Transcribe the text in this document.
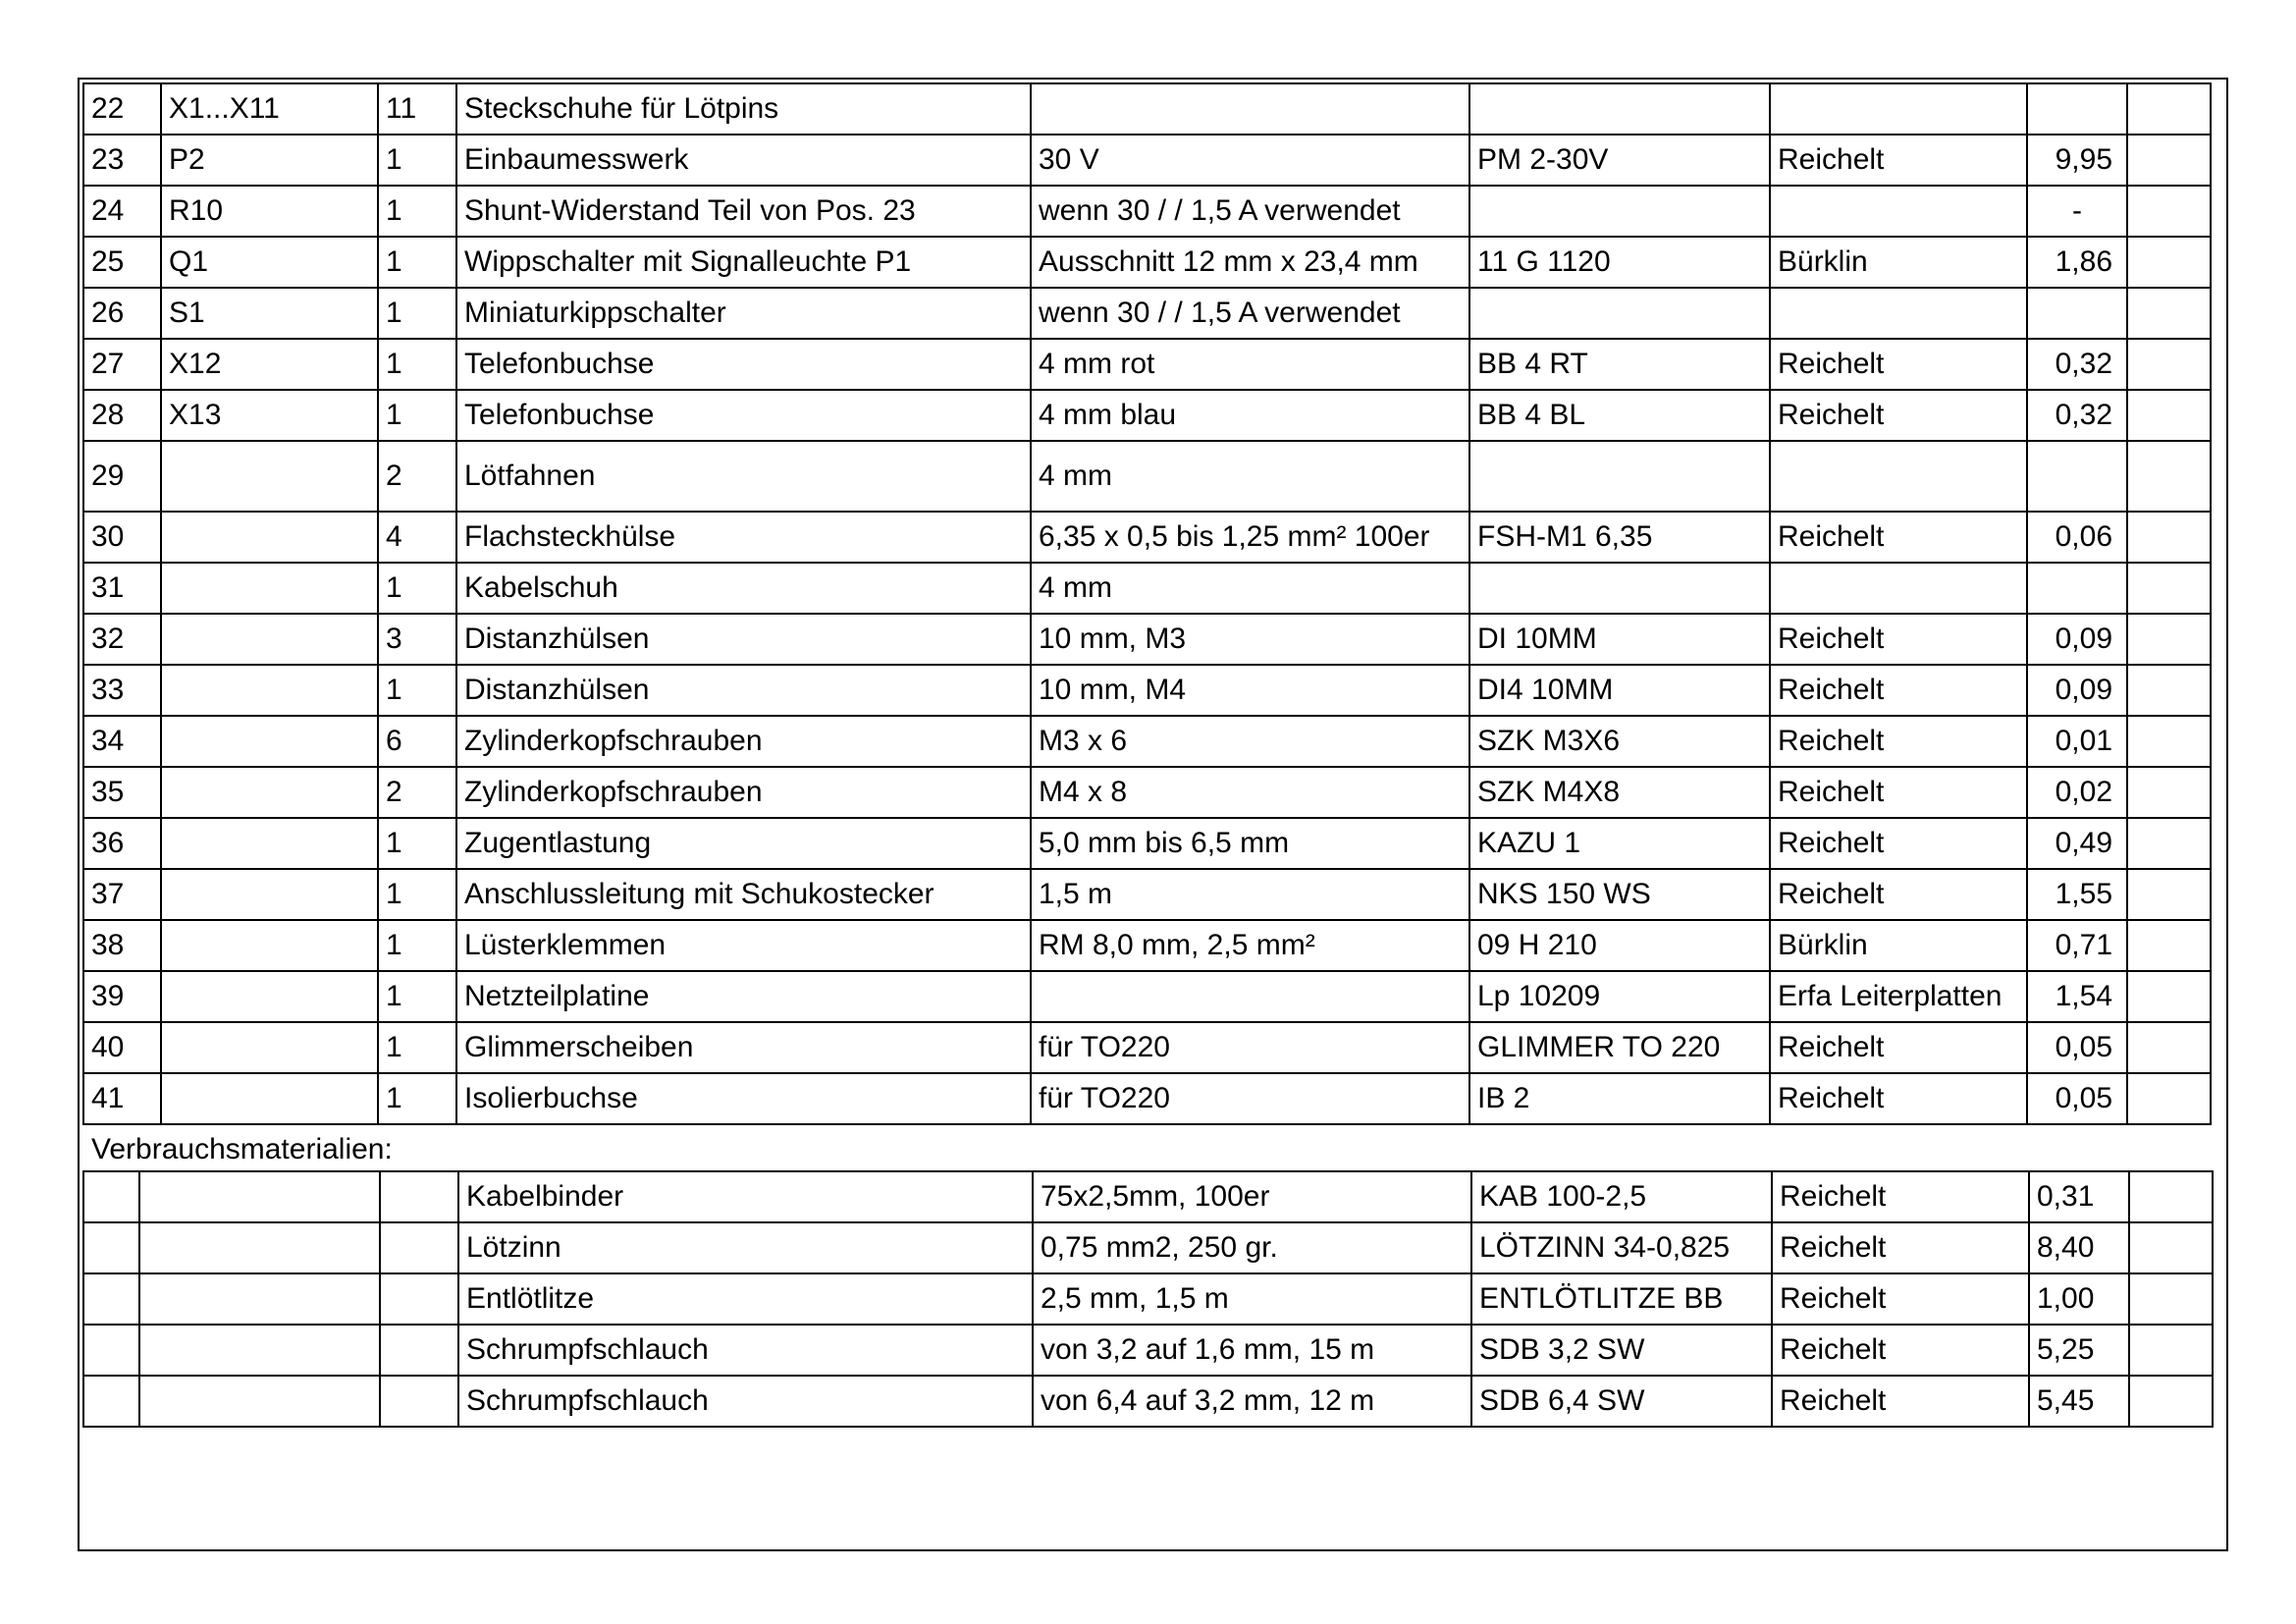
22	X1...X11	11	Steckschuhe für Lötpins					
23	P2	1	Einbaumesswerk	30 V	PM 2-30V	Reichelt	9,95	
24	R10	1	Shunt-Widerstand Teil von Pos. 23	wenn 30 / / 1,5 A verwendet			-	
25	Q1	1	Wippschalter mit Signalleuchte P1	Ausschnitt 12 mm x 23,4 mm	11 G 1120	Bürklin	1,86	
26	S1	1	Miniaturkippschalter	wenn 30 / / 1,5 A verwendet				
27	X12	1	Telefonbuchse	4 mm rot	BB 4 RT	Reichelt	0,32	
28	X13	1	Telefonbuchse	4 mm blau	BB 4 BL	Reichelt	0,32	
29		2	Lötfahnen	4 mm				
30		4	Flachsteckhülse	6,35 x 0,5 bis 1,25 mm² 100er	FSH-M1 6,35	Reichelt	0,06	
31		1	Kabelschuh	4 mm				
32		3	Distanzhülsen	10 mm, M3	DI 10MM	Reichelt	0,09	
33		1	Distanzhülsen	10 mm, M4	DI4 10MM	Reichelt	0,09	
34		6	Zylinderkopfschrauben	M3 x 6	SZK M3X6	Reichelt	0,01	
35		2	Zylinderkopfschrauben	M4 x 8	SZK M4X8	Reichelt	0,02	
36		1	Zugentlastung	5,0 mm bis 6,5 mm	KAZU 1	Reichelt	0,49	
37		1	Anschlussleitung mit Schukostecker	1,5 m	NKS 150 WS	Reichelt	1,55	
38		1	Lüsterklemmen	RM 8,0 mm, 2,5 mm²	09 H 210	Bürklin	0,71	
39		1	Netzteilplatine		Lp 10209	Erfa Leiterplatten	1,54	
40		1	Glimmerscheiben	für TO220	GLIMMER TO 220	Reichelt	0,05	
41		1	Isolierbuchse	für TO220	IB 2	Reichelt	0,05	
Verbrauchsmaterialien:
			Kabelbinder	75x2,5mm, 100er	KAB 100-2,5	Reichelt	0,31	
			Lötzinn	0,75 mm2, 250 gr.	LÖTZINN 34-0,825	Reichelt	8,40	
			Entlötlitze	2,5 mm, 1,5 m	ENTLÖTLITZE BB	Reichelt	1,00	
			Schrumpfschlauch	von 3,2 auf 1,6 mm, 15 m	SDB 3,2 SW	Reichelt	5,25	
			Schrumpfschlauch	von 6,4 auf 3,2 mm, 12 m	SDB 6,4 SW	Reichelt	5,45	
